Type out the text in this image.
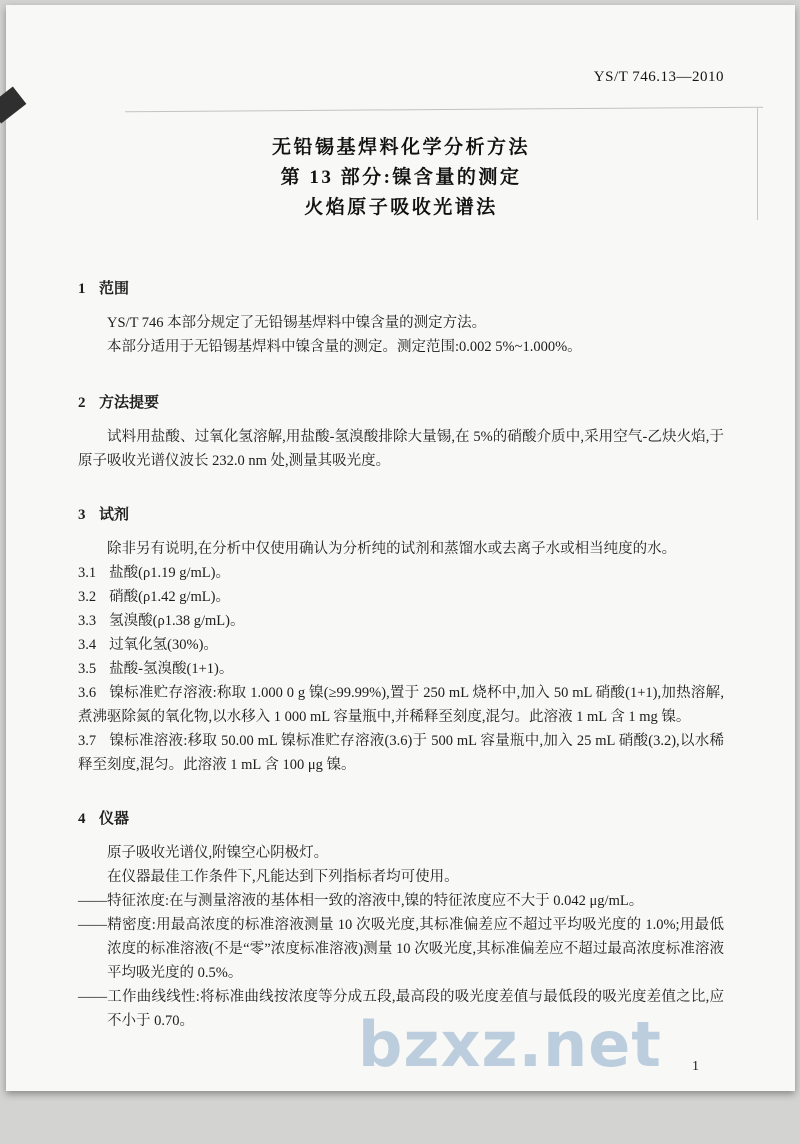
YS/T 746.13—2010
无铅锡基焊料化学分析方法
第 13 部分:镍含量的测定
火焰原子吸收光谱法
1 范围

YS/T 746 本部分规定了无铅锡基焊料中镍含量的测定方法。

本部分适用于无铅锡基焊料中镍含量的测定。测定范围:0.002 5%~1.000%。

2 方法提要

试料用盐酸、过氧化氢溶解,用盐酸-氢溴酸排除大量锡,在 5%的硝酸介质中,采用空气-乙炔火焰,于原子吸收光谱仪波长 232.0 nm 处,测量其吸光度。

3 试剂

除非另有说明,在分析中仅使用确认为分析纯的试剂和蒸馏水或去离子水或相当纯度的水。

3.1 盐酸(ρ1.19 g/mL)。

3.2 硝酸(ρ1.42 g/mL)。

3.3 氢溴酸(ρ1.38 g/mL)。

3.4 过氧化氢(30%)。

3.5 盐酸-氢溴酸(1+1)。

3.6 镍标准贮存溶液:称取 1.000 0 g 镍(≥99.99%),置于 250 mL 烧杯中,加入 50 mL 硝酸(1+1),加热溶解,煮沸驱除氮的氧化物,以水移入 1 000 mL 容量瓶中,并稀释至刻度,混匀。此溶液 1 mL 含 1 mg 镍。

3.7 镍标准溶液:移取 50.00 mL 镍标准贮存溶液(3.6)于 500 mL 容量瓶中,加入 25 mL 硝酸(3.2),以水稀释至刻度,混匀。此溶液 1 mL 含 100 μg 镍。

4 仪器

原子吸收光谱仪,附镍空心阴极灯。

在仪器最佳工作条件下,凡能达到下列指标者均可使用。

——特征浓度:在与测量溶液的基体相一致的溶液中,镍的特征浓度应不大于 0.042 μg/mL。

——精密度:用最高浓度的标准溶液测量 10 次吸光度,其标准偏差应不超过平均吸光度的 1.0%;用最低浓度的标准溶液(不是“零”浓度标准溶液)测量 10 次吸光度,其标准偏差应不超过最高浓度标准溶液平均吸光度的 0.5%。

——工作曲线线性:将标准曲线按浓度等分成五段,最高段的吸光度差值与最低段的吸光度差值之比,应不小于 0.70。

1
bzxz.net
